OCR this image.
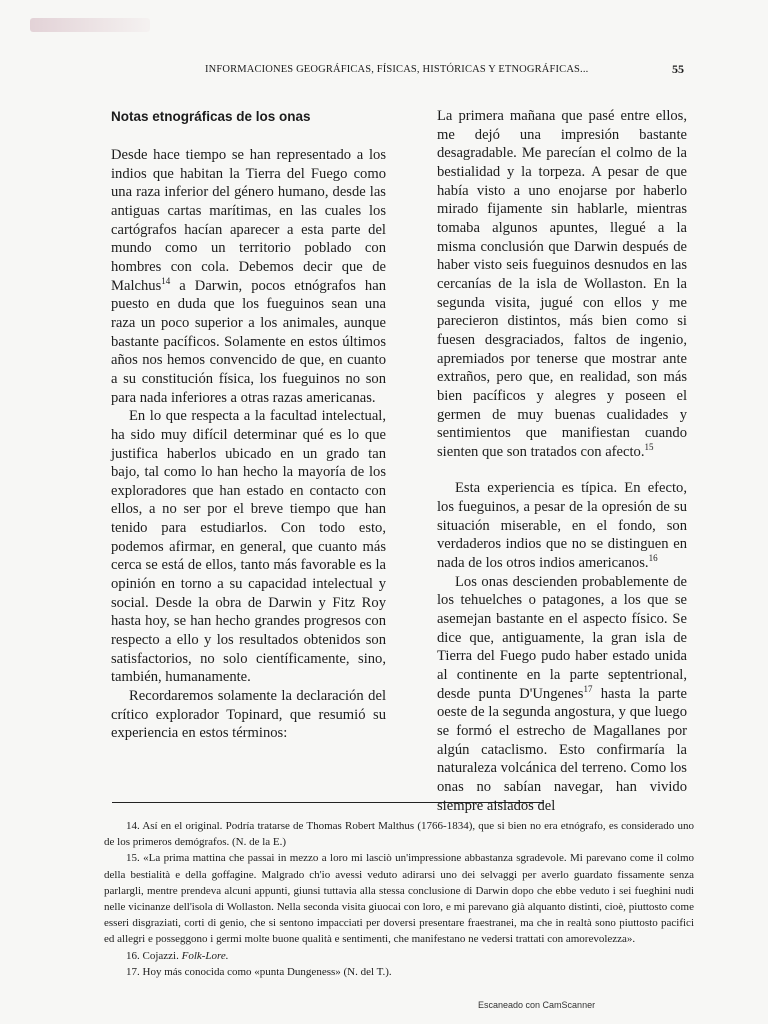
INFORMACIONES GEOGRÁFICAS, FÍSICAS, HISTÓRICAS Y ETNOGRÁFICAS...	55
Notas etnográficas de los onas

Desde hace tiempo se han representado a los indios que habitan la Tierra del Fuego como una raza inferior del género humano, desde las antiguas cartas marítimas, en las cuales los cartógrafos hacían aparecer a esta parte del mundo como un territorio poblado con hombres con cola. Debemos decir que de Malchus$^{14}$ a Darwin, pocos etnógrafos han puesto en duda que los fueguinos sean una raza un poco superior a los animales, aunque bastante pacíficos. Solamente en estos últimos años nos hemos convencido de que, en cuanto a su constitución física, los fueguinos no son para nada inferiores a otras razas americanas.

En lo que respecta a la facultad intelectual, ha sido muy difícil determinar qué es lo que justifica haberlos ubicado en un grado tan bajo, tal como lo han hecho la mayoría de los exploradores que han estado en contacto con ellos, a no ser por el breve tiempo que han tenido para estudiarlos. Con todo esto, podemos afirmar, en general, que cuanto más cerca se está de ellos, tanto más favorable es la opinión en torno a su capacidad intelectual y social. Desde la obra de Darwin y Fitz Roy hasta hoy, se han hecho grandes progresos con respecto a ello y los resultados obtenidos son satisfactorios, no solo científicamente, sino, también, humanamente.

Recordaremos solamente la declaración del crítico explorador Topinard, que resumió su experiencia en estos términos:

La primera mañana que pasé entre ellos, me dejó una impresión bastante desagradable. Me parecían el colmo de la bestialidad y la torpeza. A pesar de que había visto a uno enojarse por haberlo mirado fijamente sin hablarle, mientras tomaba algunos apuntes, llegué a la misma conclusión que Darwin después de haber visto seis fueguinos desnudos en las cercanías de la isla de Wollaston. En la segunda visita, jugué con ellos y me parecieron distintos, más bien como si fuesen desgraciados, faltos de ingenio, apremiados por tenerse que mostrar ante extraños, pero que, en realidad, son más bien pacíficos y alegres y poseen el germen de muy buenas cualidades y sentimientos que manifiestan cuando sienten que son tratados con afecto.$^{15}$

Esta experiencia es típica. En efecto, los fueguinos, a pesar de la opresión de su situación miserable, en el fondo, son verdaderos indios que no se distinguen en nada de los otros indios americanos.$^{16}$

Los onas descienden probablemente de los tehuelches o patagones, a los que se asemejan bastante en el aspecto físico. Se dice que, antiguamente, la gran isla de Tierra del Fuego pudo haber estado unida al continente en la parte septentrional, desde punta D'Ungenes$^{17}$ hasta la parte oeste de la segunda angostura, y que luego se formó el estrecho de Magallanes por algún cataclismo. Esto confirmaría la naturaleza volcánica del terreno. Como los onas no sabían navegar, han vivido siempre aislados del

14. Así en el original. Podría tratarse de Thomas Robert Malthus (1766-1834), que si bien no era etnógrafo, es considerado uno de los primeros demógrafos. (N. de la E.)

15. «La prima mattina che passai in mezzo a loro mi lasciò un'impressione abbastanza sgradevole. Mi parevano come il colmo della bestialità e della goffagine. Malgrado ch'io avessi veduto adirarsi uno dei selvaggi per averlo guardato fissamente senza parlargli, mentre prendeva alcuni appunti, giunsi tuttavia alla stessa conclusione di Darwin dopo che ebbe veduto i sei fueghini nudi nelle vicinanze dell'isola di Wollaston. Nella seconda visita giuocai con loro, e mi parevano già alquanto distinti, cioè, piuttosto come esseri disgraziati, corti di genio, che si sentono impacciati per doversi presentare fraestranei, ma che in realtà sono piuttosto pacifici ed allegri e posseggono i germi molte buone qualità e sentimenti, che manifestano ne vedersi trattati con amorevolezza».

16. Cojazzi. Folk-Lore.

17. Hoy más conocida como «punta Dungeness» (N. del T.).

Escaneado con CamScanner
